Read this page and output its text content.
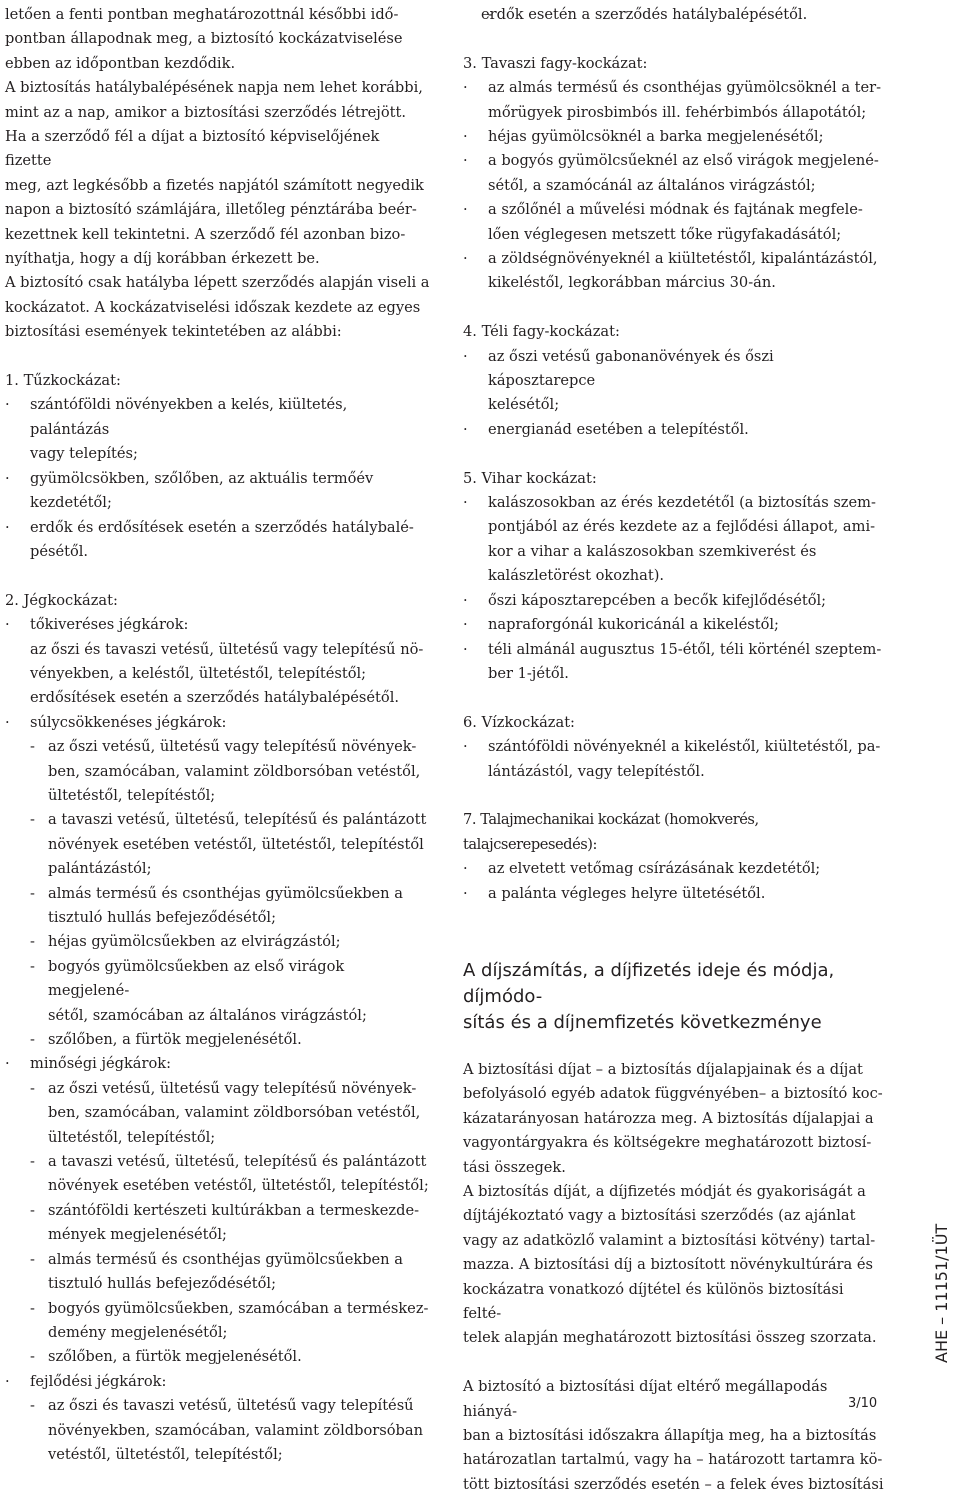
letően a fenti pontban meghatározottnál későbbi idő-
pontban állapodnak meg, a biztosító kockázatviselése
ebben az időpontban kezdődik.
A biztosítás hatálybalépésének napja nem lehet korábbi,
mint az a nap, amikor a biztosítási szerződés létrejött.
Ha a szerződő fél a díjat a biztosító képviselőjének fizette
meg, azt legkésőbb a fizetés napjától számított negyedik
napon a biztosító számlájára, illetőleg pénztárába beér-
kezettnek kell tekintetni. A szerződő fél azonban bizo-
nyíthatja, hogy a díj korábban érkezett be.
A biztosító csak hatályba lépett szerződés alapján viseli a
kockázatot. A kockázatviselési időszak kezdete az egyes
biztosítási események tekintetében az alábbi:
1. Tűzkockázat:
· szántóföldi növényekben a kelés, kiültetés, palántázás
vagy telepítés;
· gyümölcsökben, szőlőben, az aktuális termőév kezdetétől;
· erdők és erdősítések esetén a szerződés hatálybalé-
pésétől.
2. Jégkockázat:
· tőkiveréses jégkárok:
az őszi és tavaszi vetésű, ültetésű vagy telepítésű nö-
vényekben, a keléstől, ültetéstől, telepítéstől;
erdősítések esetén a szerződés hatálybalépésétől.
· súlycsökkenéses jégkárok:
- az őszi vetésű, ültetésű vagy telepítésű növények-
ben, szamócában, valamint zöldborsóban vetéstől,
ültetéstől, telepítéstől;
- a tavaszi vetésű, ültetésű, telepítésű és palántázott
növények esetében vetéstől, ültetéstől, telepítéstől
palántázástól;
- almás termésű és csonthéjas gyümölcsűekben a
tisztuló hullás befejeződésétől;
- héjas gyümölcsűekben az elvirágzástól;
- bogyós gyümölcsűekben az első virágok megjelené-
sétől, szamócában az általános virágzástól;
- szőlőben, a fürtök megjelenésétől.
· minőségi jégkárok:
- az őszi vetésű, ültetésű vagy telepítésű növények-
ben, szamócában, valamint zöldborsóban vetéstől,
ültetéstől, telepítéstől;
- a tavaszi vetésű, ültetésű, telepítésű és palántázott
növények esetében vetéstől, ültetéstől, telepítéstől;
- szántóföldi kertészeti kultúrákban a termeskezde-
mények megjelenésétől;
- almás termésű és csonthéjas gyümölcsűekben a
tisztuló hullás befejeződésétől;
- bogyós gyümölcsűekben, szamócában a terméskez-
demény megjelenésétől;
- szőlőben, a fürtök megjelenésétől.
· fejlődési jégkárok:
- az őszi és tavaszi vetésű, ültetésű vagy telepítésű
növényekben, szamócában, valamint zöldborsóban
vetéstől, ültetéstől, telepítéstől;
- erdők esetén a szerződés hatálybalépésétől.
3. Tavaszi fagy-kockázat:
· az almás termésű és csonthéjas gyümölcsöknél a ter-
mőrügyek pirosbimbós ill. fehérbimbós állapotától;
· héjas gyümölcsöknél a barka megjelenésétől;
· a bogyós gyümölcsűeknél az első virágok megjelené-
sétől, a szamócánál az általános virágzástól;
· a szőlőnél a művelési módnak és fajtának megfele-
lően véglegesen metszett tőke rügyfakadásától;
· a zöldségnövényeknél a kiültetéstől, kipalántázástól,
kikeléstől, legkorábban március 30-án.
4. Téli fagy-kockázat:
· az őszi vetésű gabonanövények és őszi káposztarepce
kelésétől;
· energianád esetében a telepítéstől.
5. Vihar kockázat:
· kalászosokban az érés kezdetétől (a biztosítás szem-
pontjából az érés kezdete az a fejlődési állapot, ami-
kor a vihar a kalászosokban szemkiverést és
kalászletörést okozhat).
· őszi káposztarepcében a becők kifejlődésétől;
· napraforgónál kukoricánál a kikeléstől;
· téli almánál augusztus 15-étől, téli körténél szeptem-
ber 1-jétől.
6. Vízkockázat:
· szántóföldi növényeknél a kikeléstől, kiültetéstől, pa-
lántázástól, vagy telepítéstől.
7. Talajmechanikai kockázat (homokverés, talajcserepesedés):
· az elvetett vetőmag csírázásának kezdetétől;
· a palánta végleges helyre ültetésétől.
A díjszámítás, a díjfizetés ideje és módja, díjmódo-
sítás és a díjnemfizetés következménye
A biztosítási díjat – a biztosítás díjalapjainak és a díjat
befolyásoló egyéb adatok függvényében– a biztosító koc-
kázatarányosan határozza meg. A biztosítás díjalapjai a
vagyontárgyakra és költségekre meghatározott biztosí-
tási összegek.
A biztosítás díját, a díjfizetés módját és gyakoriságát a
díjtájékoztató vagy a biztosítási szerződés (az ajánlat
vagy az adatközlő valamint a biztosítási kötvény) tartal-
mazza. A biztosítási díj a biztosított növénykultúrára és
kockázatra vonatkozó díjtétel és különös biztosítási felté-
telek alapján meghatározott biztosítási összeg szorzata.
A biztosító a biztosítási díjat eltérő megállapodás hiányá-
ban a biztosítási időszakra állapítja meg, ha a biztosítás
határozatlan tartalmú, vagy ha – határozott tartamra kö-
tött biztosítási szerződés esetén – a felek éves biztosítási
AHE – 11151/1ÜT
3/10
